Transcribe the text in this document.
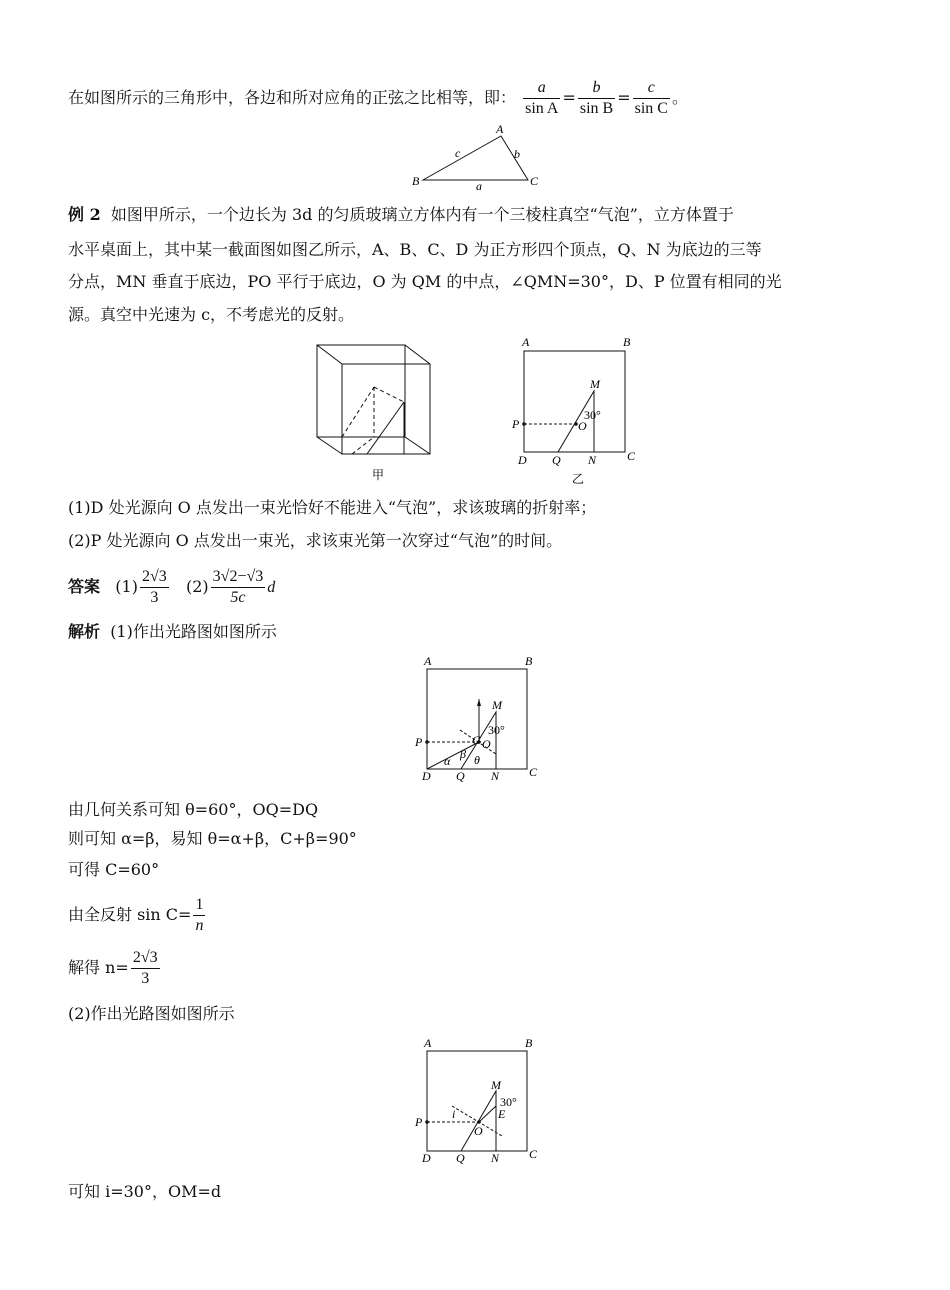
在如图所示的三角形中，各边和所对应角的正弦之比相等，即： $\frac{a}{\text{sin A}} = \frac{b}{\text{sin B}} = \frac{c}{\text{sin C}}$ 。
A
B	C
a
b
c
例 2 如图甲所示，一个边长为 3d 的匀质玻璃立方体内有一个三棱柱真空“气泡”，立方体置于
水平桌面上，其中某一截面图如图乙所示，A、B、C、D 为正方形四个顶点，Q、N 为底边的三等
分点，MN 垂直于底边，PO 平行于底边，O 为 QM 的中点，∠QMN=30°，D、P 位置有相同的光
源。真空中光速为 c，不考虑光的反射。
甲
A	B
C
D
M
N
P	O
Q
30°
乙
(1)D 处光源向 O 点发出一束光恰好不能进入“气泡”，求该玻璃的折射率；
(2)P 处光源向 O 点发出一束光，求该束光第一次穿过“气泡”的时间。
答案 $(1) \frac{2√3}{3} (2) \frac{3√2-√3}{5c}$ d
解析 (1)作出光路图如图所示
A	B
C
D
M
N
P	O
Q
C
α β θ
30°
由几何关系可知 θ=60°，OQ=DQ
则可知 α=β，易知 θ=α+β，C+β=90°
可得 C=60°
由全反射 $\sin C= \frac{1}{n}$
解得 $n= \frac{2√3}{3}$
(2)作出光路图如图所示
A	B
C
D
M
N
P
O
Q
E
i
30°
可知 i=30°，OM=d
